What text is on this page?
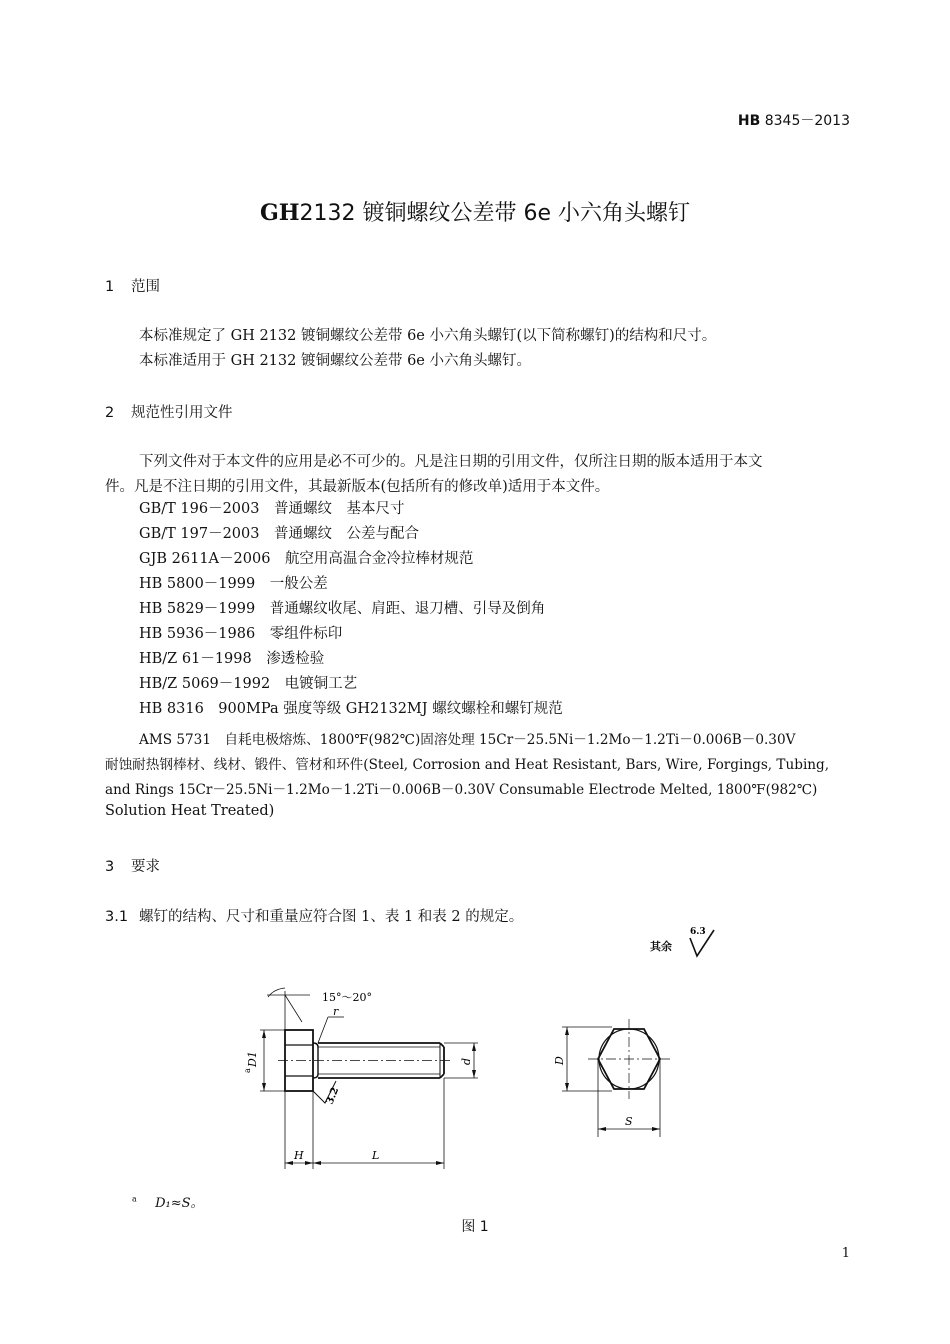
HB 8345－2013
GH2132 镀铜螺纹公差带 6e 小六角头螺钉
1 范围
本标准规定了 GH 2132 镀铜螺纹公差带 6e 小六角头螺钉(以下简称螺钉)的结构和尺寸。
本标准适用于 GH 2132 镀铜螺纹公差带 6e 小六角头螺钉。
2 规范性引用文件
下列文件对于本文件的应用是必不可少的。凡是注日期的引用文件，仅所注日期的版本适用于本文
件。凡是不注日期的引用文件，其最新版本(包括所有的修改单)适用于本文件。
GB/T 196－2003　普通螺纹　基本尺寸
GB/T 197－2003　普通螺纹　公差与配合
GJB 2611A－2006　航空用高温合金冷拉棒材规范
HB 5800－1999　一般公差
HB 5829－1999　普通螺纹收尾、肩距、退刀槽、引导及倒角
HB 5936－1986　零组件标印
HB/Z 61－1998　渗透检验
HB/Z 5069－1992　电镀铜工艺
HB 8316　900MPa 强度等级 GH2132MJ 螺纹螺栓和螺钉规范
AMS 5731　自耗电极熔炼、1800℉(982℃)固溶处理 15Cr－25.5Ni－1.2Mo－1.2Ti－0.006B－0.30V
耐蚀耐热钢棒材、线材、锻件、管材和环件(Steel, Corrosion and Heat Resistant, Bars, Wire, Forgings, Tubing,
and Rings 15Cr－25.5Ni－1.2Mo－1.2Ti－0.006B－0.30V Consumable Electrode Melted, 1800℉(982℃)
Solution Heat Treated)
3 要求
3.1 螺钉的结构、尺寸和重量应符合图 1、表 1 和表 2 的规定。
其余
6.3
15°～20°
r
D1
a
d
3.2
H	L
D
S
$^a$ D₁≈S。
图 1
1
